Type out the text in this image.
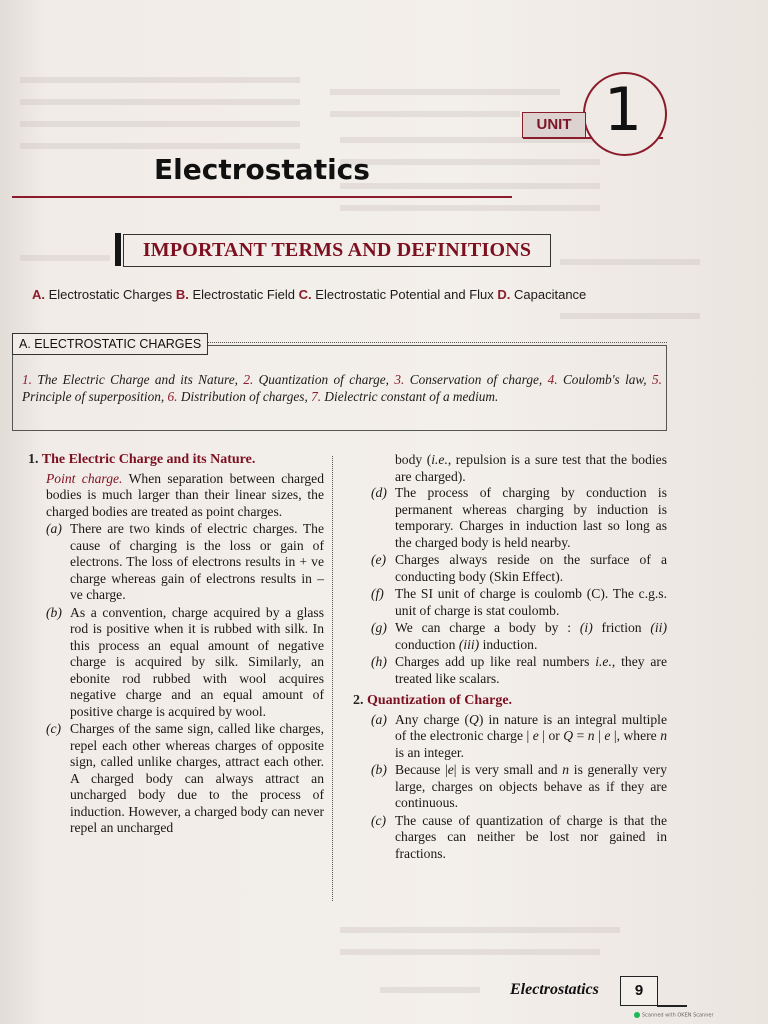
1
UNIT
Electrostatics
IMPORTANT TERMS AND DEFINITIONS
A. Electrostatic Charges B. Electrostatic Field C. Electrostatic Potential and Flux D. Capacitance
A. ELECTROSTATIC CHARGES
1. The Electric Charge and its Nature, 2. Quantization of charge, 3. Conservation of charge, 4. Coulomb's law, 5. Principle of superposition, 6. Distribution of charges, 7. Dielectric constant of a medium.
1. The Electric Charge and its Nature.
Point charge. When separation between charged bodies is much larger than their linear sizes, the charged bodies are treated as point charges.
(a) There are two kinds of electric charges. The cause of charging is the loss or gain of electrons. The loss of electrons results in + ve charge whereas gain of electrons results in – ve charge.
(b) As a convention, charge acquired by a glass rod is positive when it is rubbed with silk. In this process an equal amount of negative charge is acquired by silk. Similarly, an ebonite rod rubbed with wool acquires negative charge and an equal amount of positive charge is acquired by wool.
(c) Charges of the same sign, called like charges, repel each other whereas charges of opposite sign, called unlike charges, attract each other. A charged body can always attract an uncharged body due to the process of induction. However, a charged body can never repel an uncharged
body (i.e., repulsion is a sure test that the bodies are charged).
(d) The process of charging by conduction is permanent whereas charging by induction is temporary. Charges in induction last so long as the charged body is held nearby.
(e) Charges always reside on the surface of a conducting body (Skin Effect).
(f) The SI unit of charge is coulomb (C). The c.g.s. unit of charge is stat coulomb.
(g) We can charge a body by : (i) friction (ii) conduction (iii) induction.
(h) Charges add up like real numbers i.e., they are treated like scalars.
2. Quantization of Charge.
(a) Any charge (Q) in nature is an integral multiple of the electronic charge | e | or Q = n | e |, where n is an integer.
(b) Because |e| is very small and n is generally very large, charges on objects behave as if they are continuous.
(c) The cause of quantization of charge is that the charges can neither be lost nor gained in fractions.
Electrostatics	9
Scanned with OKEN Scanner
